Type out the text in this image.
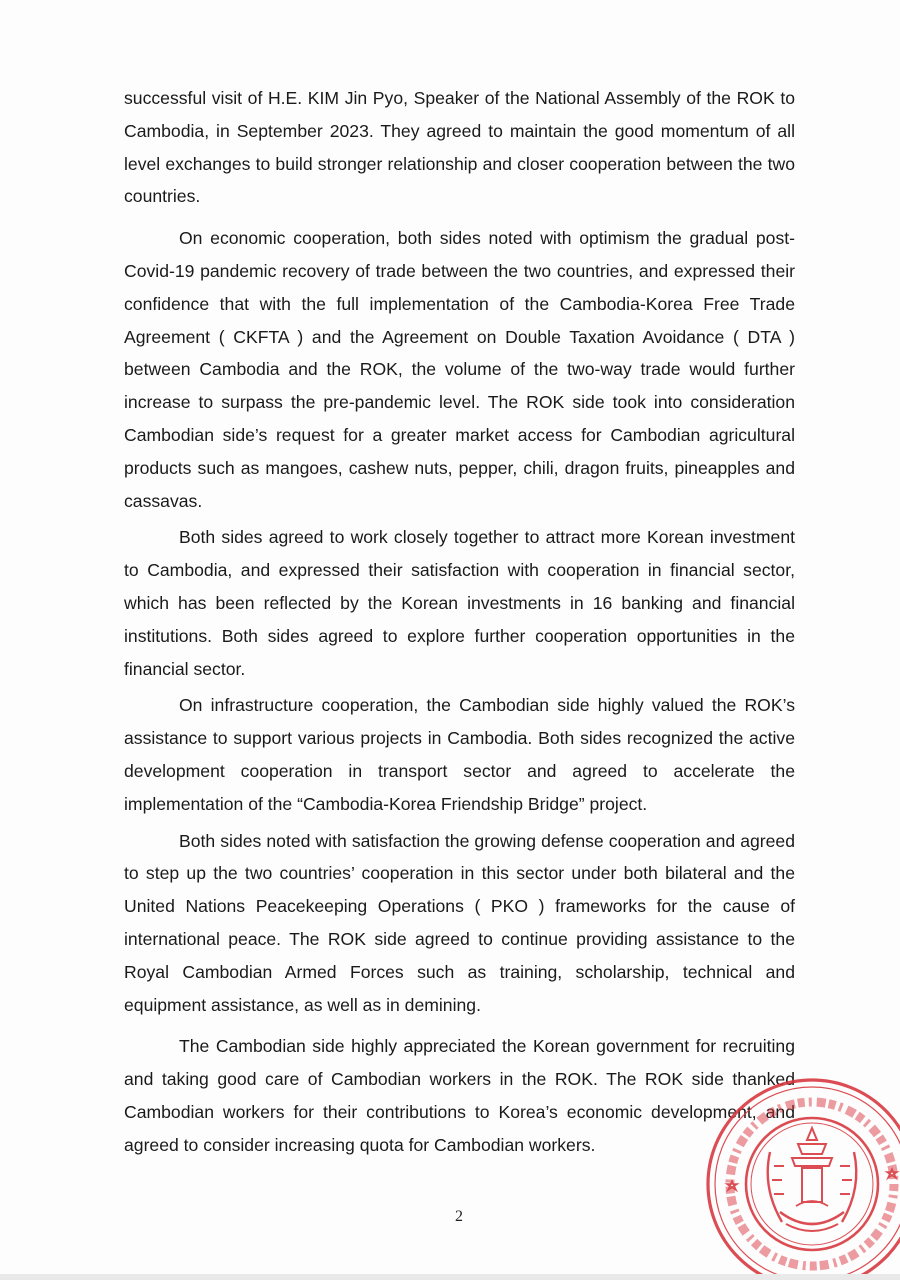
successful visit of H.E. KIM Jin Pyo, Speaker of the National Assembly of the ROK to Cambodia, in September 2023. They agreed to maintain the good momentum of all level exchanges to build stronger relationship and closer cooperation between the two countries.

On economic cooperation, both sides noted with optimism the gradual post-Covid-19 pandemic recovery of trade between the two countries, and expressed their confidence that with the full implementation of the Cambodia-Korea Free Trade Agreement ( CKFTA ) and the Agreement on Double Taxation Avoidance ( DTA ) between Cambodia and the ROK, the volume of the two-way trade would further increase to surpass the pre-pandemic level. The ROK side took into consideration Cambodian side’s request for a greater market access for Cambodian agricultural products such as mangoes, cashew nuts, pepper, chili, dragon fruits, pineapples and cassavas.

Both sides agreed to work closely together to attract more Korean investment to Cambodia, and expressed their satisfaction with cooperation in financial sector, which has been reflected by the Korean investments in 16 banking and financial institutions. Both sides agreed to explore further cooperation opportunities in the financial sector.

On infrastructure cooperation, the Cambodian side highly valued the ROK’s assistance to support various projects in Cambodia. Both sides recognized the active development cooperation in transport sector and agreed to accelerate the implementation of the “Cambodia-Korea Friendship Bridge” project.

Both sides noted with satisfaction the growing defense cooperation and agreed to step up the two countries’ cooperation in this sector under both bilateral and the United Nations Peacekeeping Operations ( PKO ) frameworks for the cause of international peace. The ROK side agreed to continue providing assistance to the Royal Cambodian Armed Forces such as training, scholarship, technical and equipment assistance, as well as in demining.

The Cambodian side highly appreciated the Korean government for recruiting and taking good care of Cambodian workers in the ROK. The ROK side thanked Cambodian workers for their contributions to Korea’s economic development, and agreed to consider increasing quota for Cambodian workers.

2
